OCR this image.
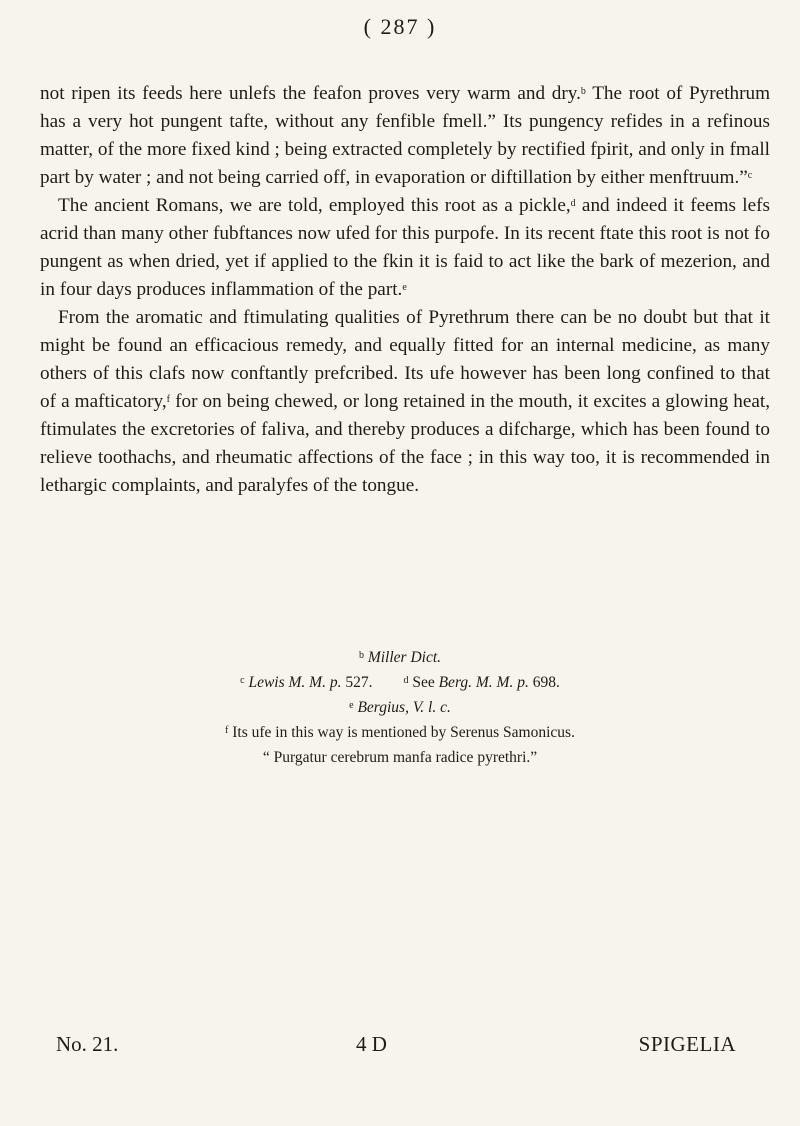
( 287 )

not ripen its feeds here unlefs the feafon proves very warm and dry.$^b$ The root of Pyrethrum has a very hot pungent tafte, without any fenfible fmell.” Its pungency refides in a refinous matter, of the more fixed kind ; being extracted completely by rectified fpirit, and only in fmall part by water ; and not being carried off, in evaporation or diftillation by either menftruum.”$^c$

The ancient Romans, we are told, employed this root as a pickle,$^d$ and indeed it feems lefs acrid than many other fubftances now ufed for this purpofe. In its recent ftate this root is not fo pungent as when dried, yet if applied to the fkin it is faid to act like the bark of mezerion, and in four days produces inflammation of the part.$^e$

From the aromatic and ftimulating qualities of Pyrethrum there can be no doubt but that it might be found an efficacious remedy, and equally fitted for an internal medicine, as many others of this clafs now conftantly prefcribed. Its ufe however has been long confined to that of a mafticatory,$^f$ for on being chewed, or long retained in the mouth, it excites a glowing heat, ftimulates the excretories of faliva, and thereby produces a difcharge, which has been found to relieve toothachs, and rheumatic affections of the face ; in this way too, it is recommended in lethargic complaints, and paralyfes of the tongue.

$^b$ Miller Dict.
$^c$ Lewis M. M. p. 527.        $^d$ See Berg. M. M. p. 698.
$^e$ Bergius, V. l. c.
$^f$ Its ufe in this way is mentioned by Serenus Samonicus.
“ Purgatur cerebrum manfa radice pyrethri.”
No. 21.	4 D	SPIGELIA
